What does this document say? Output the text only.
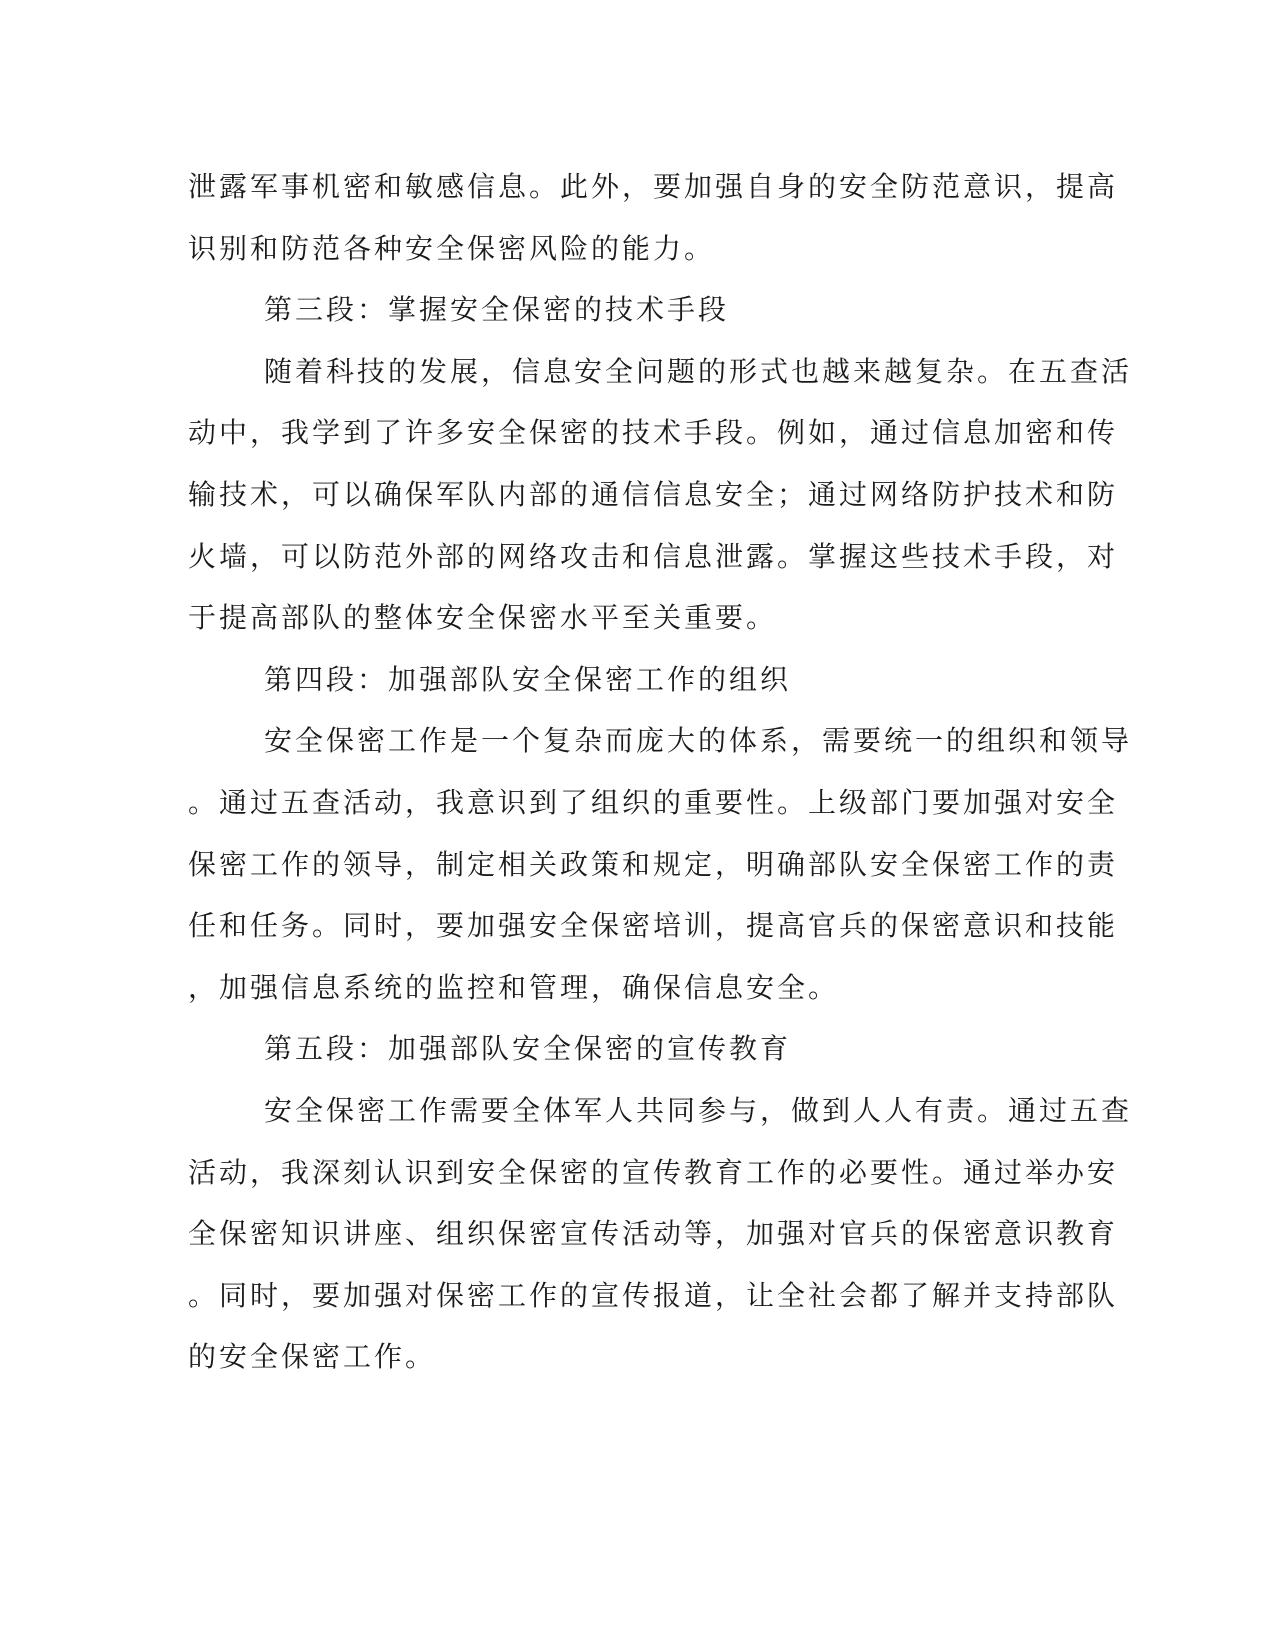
泄露军事机密和敏感信息。此外，要加强自身的安全防范意识，提高
识别和防范各种安全保密风险的能力。
第三段：掌握安全保密的技术手段
随着科技的发展，信息安全问题的形式也越来越复杂。在五查活
动中，我学到了许多安全保密的技术手段。例如，通过信息加密和传
输技术，可以确保军队内部的通信信息安全；通过网络防护技术和防
火墙，可以防范外部的网络攻击和信息泄露。掌握这些技术手段，对
于提高部队的整体安全保密水平至关重要。
第四段：加强部队安全保密工作的组织
安全保密工作是一个复杂而庞大的体系，需要统一的组织和领导
。通过五查活动，我意识到了组织的重要性。上级部门要加强对安全
保密工作的领导，制定相关政策和规定，明确部队安全保密工作的责
任和任务。同时，要加强安全保密培训，提高官兵的保密意识和技能
，加强信息系统的监控和管理，确保信息安全。
第五段：加强部队安全保密的宣传教育
安全保密工作需要全体军人共同参与，做到人人有责。通过五查
活动，我深刻认识到安全保密的宣传教育工作的必要性。通过举办安
全保密知识讲座、组织保密宣传活动等，加强对官兵的保密意识教育
。同时，要加强对保密工作的宣传报道，让全社会都了解并支持部队
的安全保密工作。
